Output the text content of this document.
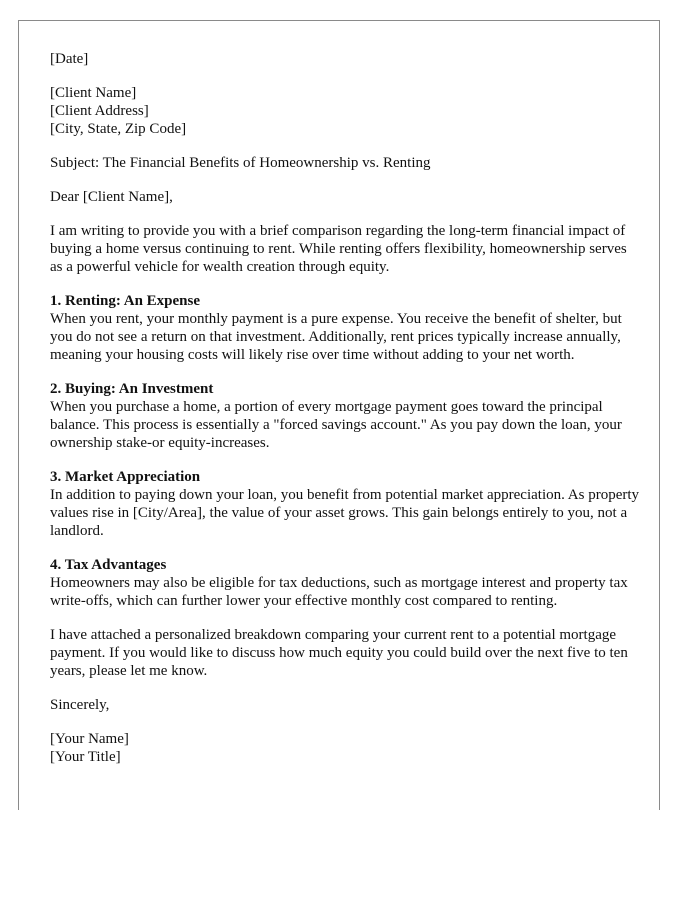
[Date]
[Client Name]
[Client Address]
[City, State, Zip Code]
Subject: The Financial Benefits of Homeownership vs. Renting
Dear [Client Name],

I am writing to provide you with a brief comparison regarding the long-term financial impact of buying a home versus continuing to rent. While renting offers flexibility, homeownership serves as a powerful vehicle for wealth creation through equity.

1. Renting: An Expense

When you rent, your monthly payment is a pure expense. You receive the benefit of shelter, but you do not see a return on that investment. Additionally, rent prices typically increase annually, meaning your housing costs will likely rise over time without adding to your net worth.

2. Buying: An Investment

When you purchase a home, a portion of every mortgage payment goes toward the principal balance. This process is essentially a "forced savings account." As you pay down the loan, your ownership stake-or equity-increases.

3. Market Appreciation

In addition to paying down your loan, you benefit from potential market appreciation. As property values rise in [City/Area], the value of your asset grows. This gain belongs entirely to you, not a landlord.

4. Tax Advantages

Homeowners may also be eligible for tax deductions, such as mortgage interest and property tax write-offs, which can further lower your effective monthly cost compared to renting.

I have attached a personalized breakdown comparing your current rent to a potential mortgage payment. If you would like to discuss how much equity you could build over the next five to ten years, please let me know.

Sincerely,
[Your Name]
[Your Title]
